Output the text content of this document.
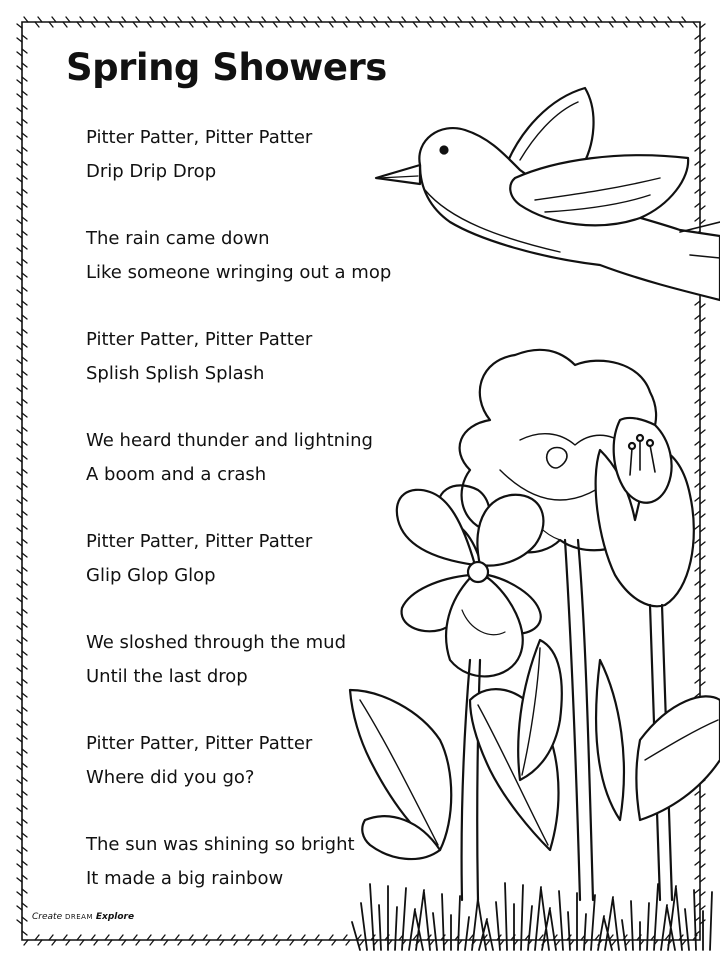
Spring Showers

Pitter Patter, Pitter Patter

Drip Drip Drop

The rain came down

Like someone wringing out a mop

Pitter Patter, Pitter Patter

Splish Splish Splash

We heard thunder and lightning

A boom and a crash

Pitter Patter, Pitter Patter

Glip Glop Glop

We sloshed through the mud

Until the last drop

Pitter Patter, Pitter Patter

Where did you go?

The sun was shining so bright

It made a big rainbow

Create DREAM Explore
